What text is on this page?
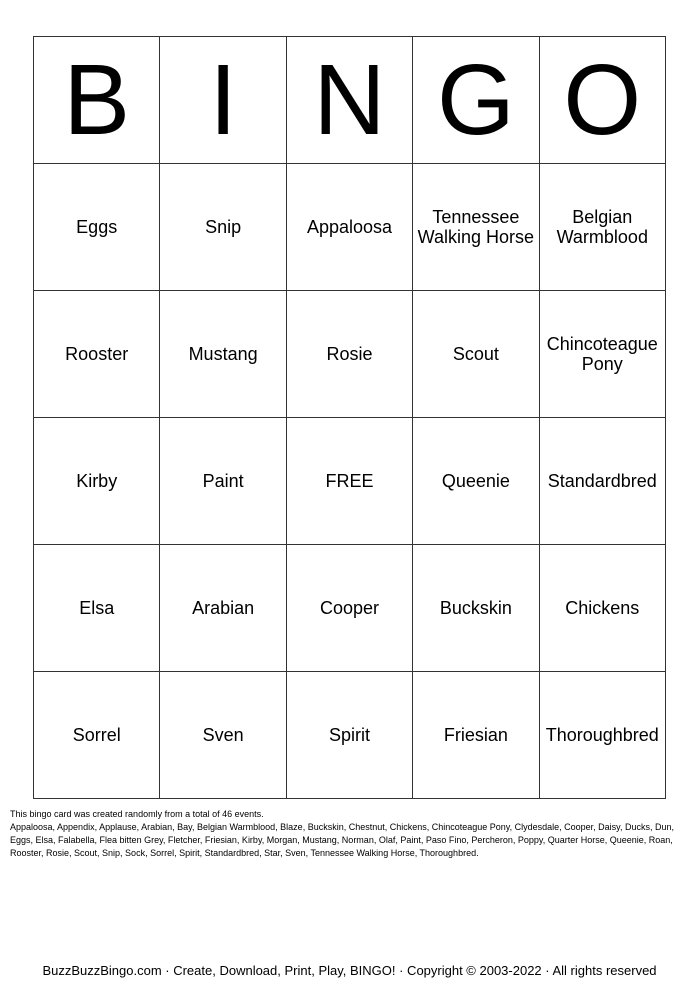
B	I	N	G	O
Eggs	Snip	Appaloosa	Tennessee Walking Horse	Belgian Warmblood
Rooster	Mustang	Rosie	Scout	Chincoteague Pony
Kirby	Paint	FREE	Queenie	Standardbred
Elsa	Arabian	Cooper	Buckskin	Chickens
Sorrel	Sven	Spirit	Friesian	Thoroughbred

This bingo card was created randomly from a total of 46 events.

Appaloosa, Appendix, Applause, Arabian, Bay, Belgian Warmblood, Blaze, Buckskin, Chestnut, Chickens, Chincoteague Pony, Clydesdale, Cooper, Daisy, Ducks, Dun, Eggs, Elsa, Falabella, Flea bitten Grey, Fletcher, Friesian, Kirby, Morgan, Mustang, Norman, Olaf, Paint, Paso Fino, Percheron, Poppy, Quarter Horse, Queenie, Roan, Rooster, Rosie, Scout, Snip, Sock, Sorrel, Spirit, Standardbred, Star, Sven, Tennessee Walking Horse, Thoroughbred.

BuzzBuzzBingo.com · Create, Download, Print, Play, BINGO! · Copyright © 2003-2022 · All rights reserved
